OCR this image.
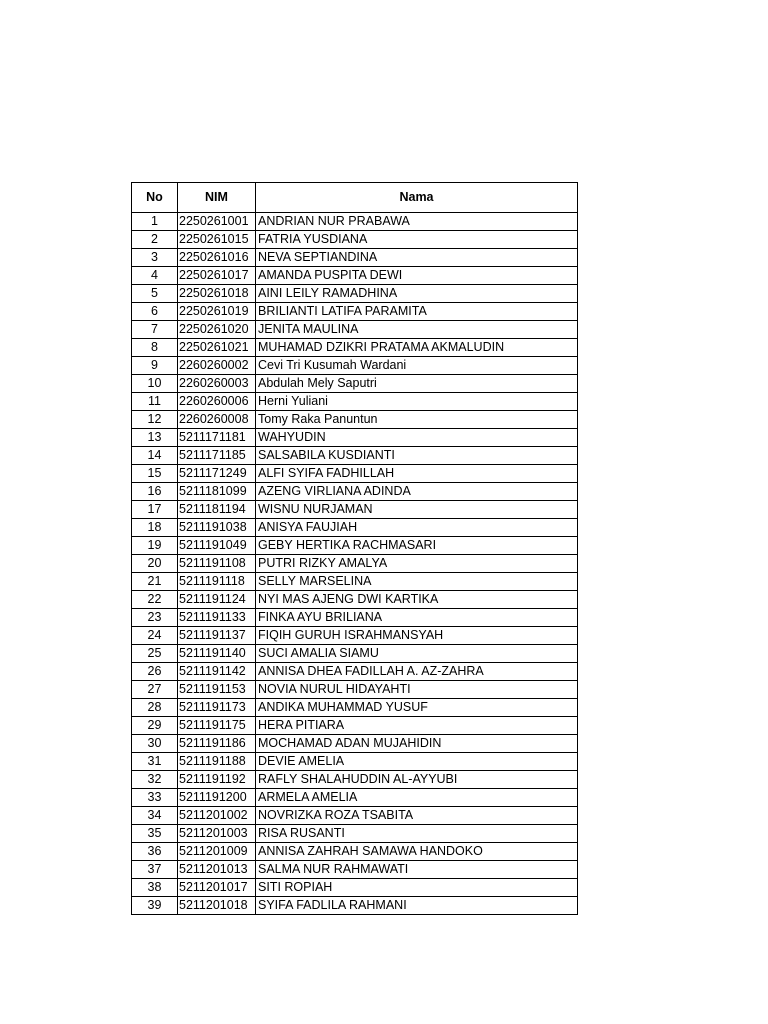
No	NIM	Nama
1	2250261001	ANDRIAN NUR PRABAWA
2	2250261015	FATRIA YUSDIANA
3	2250261016	NEVA SEPTIANDINA
4	2250261017	AMANDA PUSPITA DEWI
5	2250261018	AINI LEILY RAMADHINA
6	2250261019	BRILIANTI LATIFA PARAMITA
7	2250261020	JENITA MAULINA
8	2250261021	MUHAMAD DZIKRI PRATAMA AKMALUDIN
9	2260260002	Cevi Tri Kusumah Wardani
10	2260260003	Abdulah Mely Saputri
11	2260260006	Herni Yuliani
12	2260260008	Tomy Raka Panuntun
13	5211171181	WAHYUDIN
14	5211171185	SALSABILA KUSDIANTI
15	5211171249	ALFI SYIFA FADHILLAH
16	5211181099	AZENG VIRLIANA ADINDA
17	5211181194	WISNU NURJAMAN
18	5211191038	ANISYA FAUJIAH
19	5211191049	GEBY HERTIKA RACHMASARI
20	5211191108	PUTRI RIZKY AMALYA
21	5211191118	SELLY MARSELINA
22	5211191124	NYI MAS AJENG DWI KARTIKA
23	5211191133	FINKA AYU BRILIANA
24	5211191137	FIQIH GURUH ISRAHMANSYAH
25	5211191140	SUCI AMALIA SIAMU
26	5211191142	ANNISA DHEA FADILLAH A. AZ-ZAHRA
27	5211191153	NOVIA NURUL HIDAYAHTI
28	5211191173	ANDIKA MUHAMMAD YUSUF
29	5211191175	HERA PITIARA
30	5211191186	MOCHAMAD ADAN MUJAHIDIN
31	5211191188	DEVIE AMELIA
32	5211191192	RAFLY SHALAHUDDIN AL-AYYUBI
33	5211191200	ARMELA AMELIA
34	5211201002	NOVRIZKA ROZA TSABITA
35	5211201003	RISA RUSANTI
36	5211201009	ANNISA ZAHRAH SAMAWA HANDOKO
37	5211201013	SALMA NUR RAHMAWATI
38	5211201017	SITI ROPIAH
39	5211201018	SYIFA FADLILA RAHMANI
